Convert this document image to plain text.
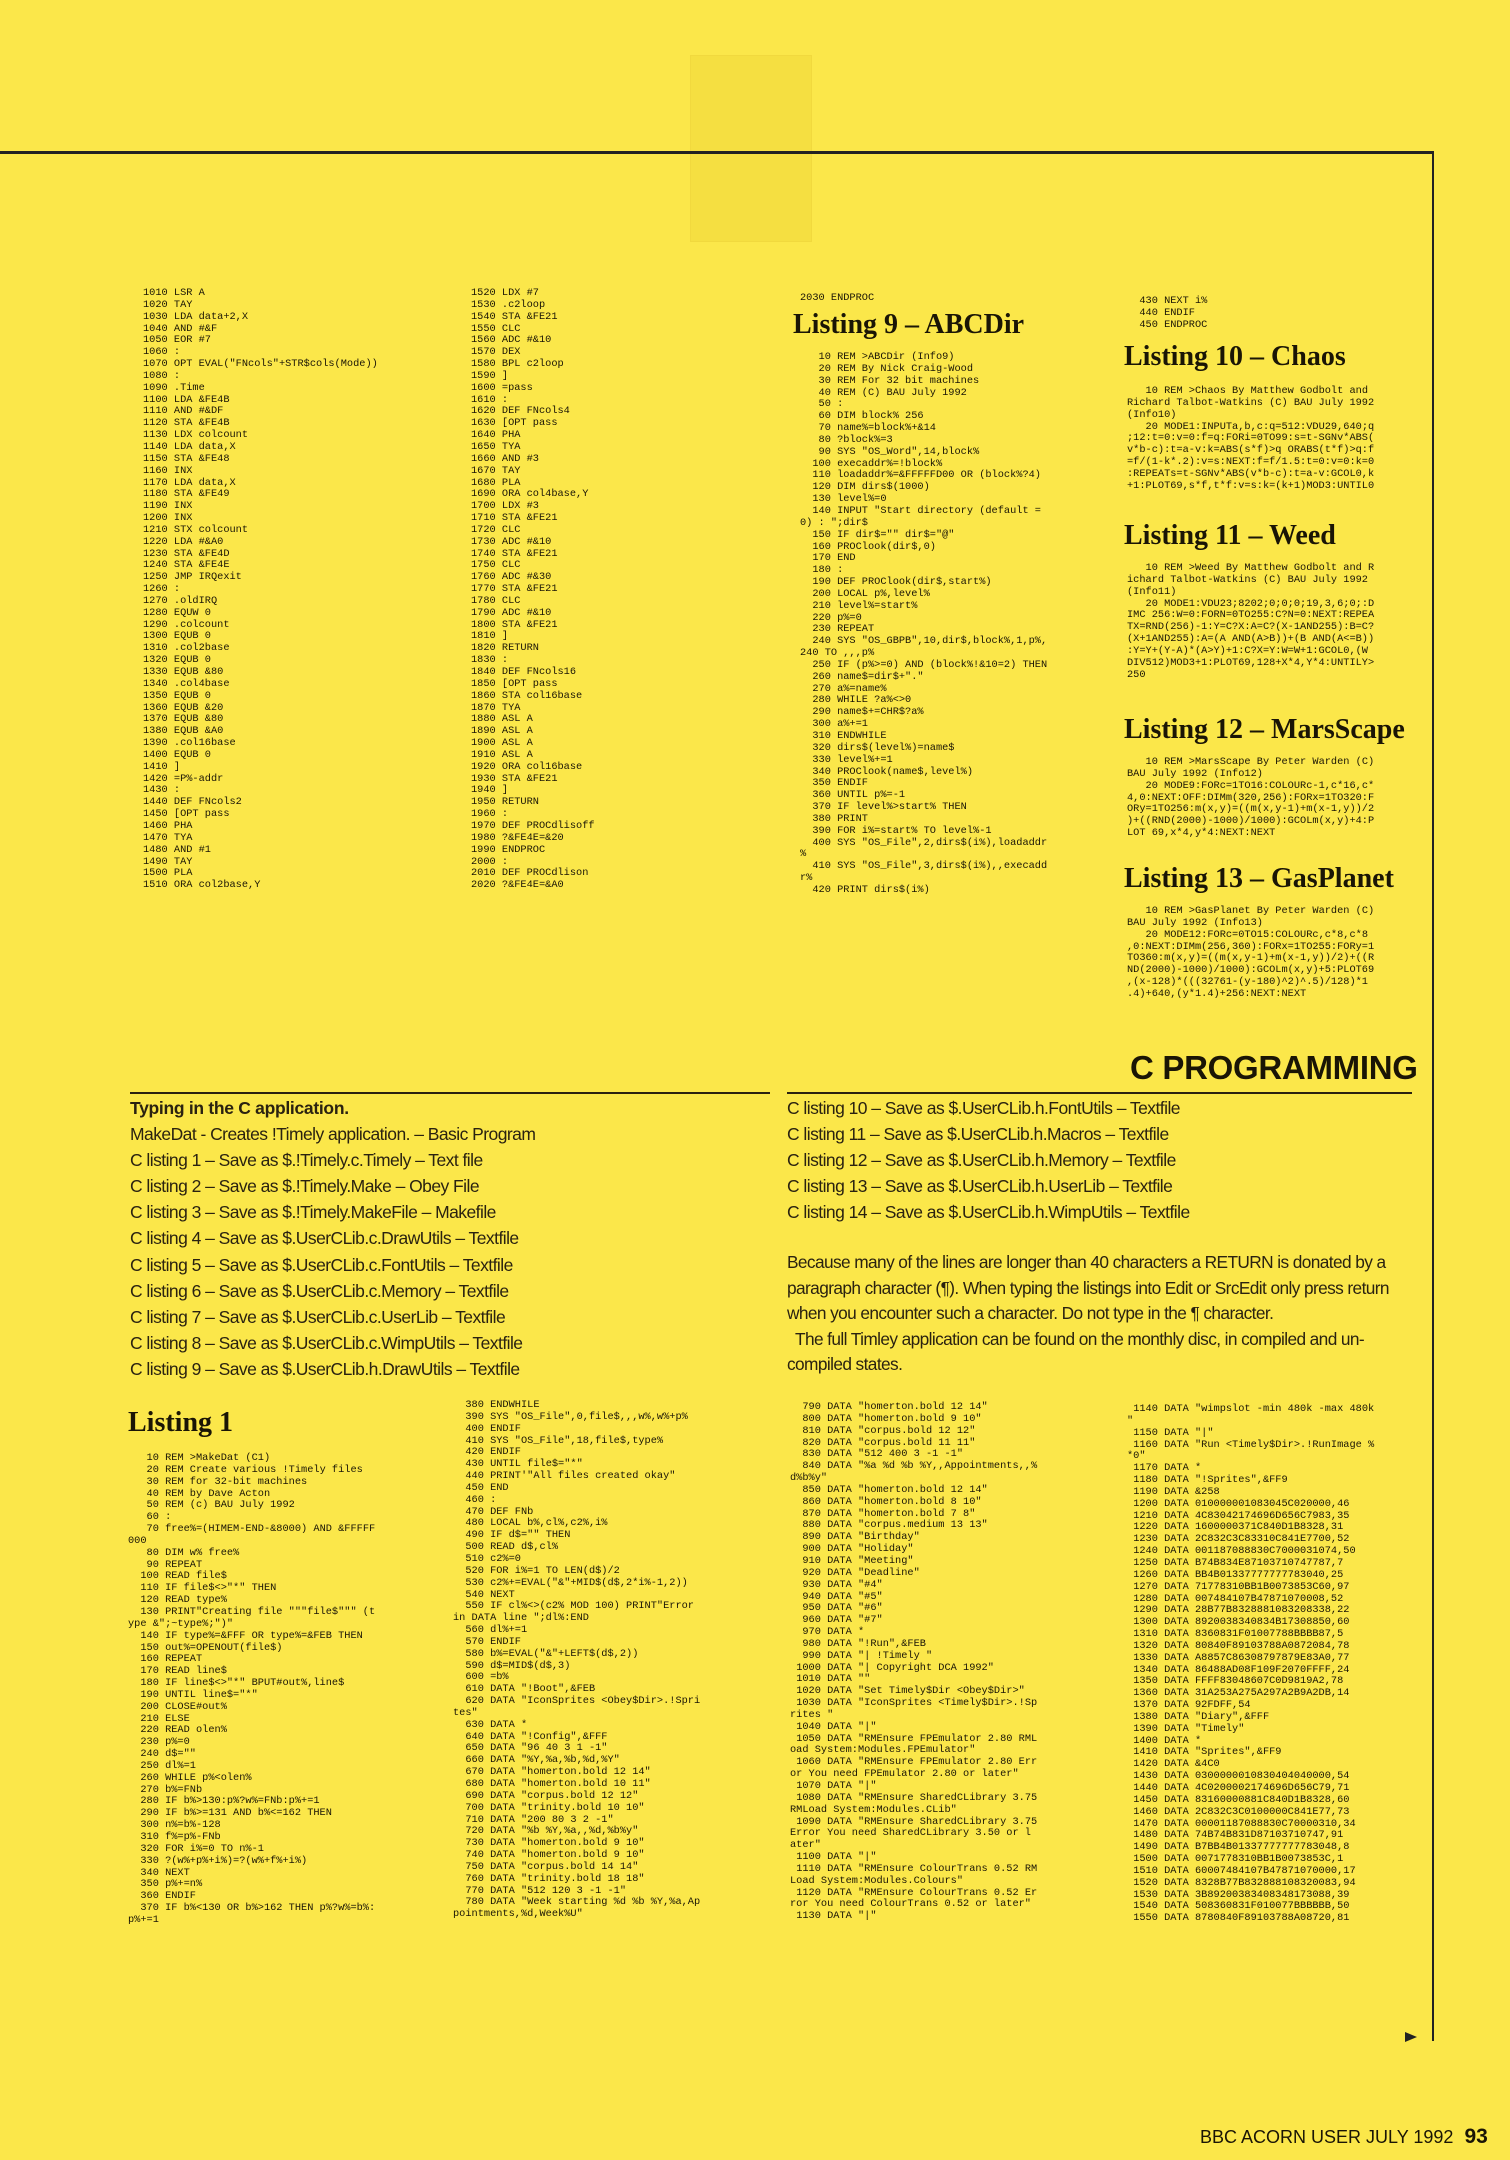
1010 LSR A
1020 TAY
1030 LDA data+2,X
1040 AND #&F
1050 EOR #7
1060 :
1070 OPT EVAL("FNcols"+STR$cols(Mode))
1080 :
1090 .Time
1100 LDA &FE4B
1110 AND #&DF
1120 STA &FE4B
1130 LDX colcount
1140 LDA data,X
1150 STA &FE48
1160 INX
1170 LDA data,X
1180 STA &FE49
1190 INX
1200 INX
1210 STX colcount
1220 LDA #&A0
1230 STA &FE4D
1240 STA &FE4E
1250 JMP IRQexit
1260 :
1270 .oldIRQ
1280 EQUW 0
1290 .colcount
1300 EQUB 0
1310 .col2base
1320 EQUB 0
1330 EQUB &80
1340 .col4base
1350 EQUB 0
1360 EQUB &20
1370 EQUB &80
1380 EQUB &A0
1390 .col16base
1400 EQUB 0
1410 ]
1420 =P%-addr
1430 :
1440 DEF FNcols2
1450 [OPT pass
1460 PHA
1470 TYA
1480 AND #1
1490 TAY
1500 PLA
1510 ORA col2base,Y
1520 LDX #7
1530 .c2loop
1540 STA &FE21
1550 CLC
1560 ADC #&10
1570 DEX
1580 BPL c2loop
1590 ]
1600 =pass
1610 :
1620 DEF FNcols4
1630 [OPT pass
1640 PHA
1650 TYA
1660 AND #3
1670 TAY
1680 PLA
1690 ORA col4base,Y
1700 LDX #3
1710 STA &FE21
1720 CLC
1730 ADC #&10
1740 STA &FE21
1750 CLC
1760 ADC #&30
1770 STA &FE21
1780 CLC
1790 ADC #&10
1800 STA &FE21
1810 ]
1820 RETURN
1830 :
1840 DEF FNcols16
1850 [OPT pass
1860 STA col16base
1870 TYA
1880 ASL A
1890 ASL A
1900 ASL A
1910 ASL A
1920 ORA col16base
1930 STA &FE21
1940 ]
1950 RETURN
1960 :
1970 DEF PROCdlisoff
1980 ?&FE4E=&20
1990 ENDPROC
2000 :
2010 DEF PROCdlison
2020 ?&FE4E=&A0
2030 ENDPROC
Listing 9 – ABCDir
10 REM >ABCDir (Info9)
20 REM By Nick Craig-Wood
30 REM For 32 bit machines
40 REM (C) BAU July 1992
50 :
60 DIM block% 256
70 name%=block%+&14
80 ?block%=3
90 SYS "OS_Word",14,block%
100 execaddr%=!block%
110 loadaddr%=&FFFFFD00 OR (block%?4)
120 DIM dirs$(1000)
130 level%=0
140 INPUT "Start directory (default =
0) : ";dir$
150 IF dir$="" dir$="@"
160 PROClook(dir$,0)
170 END
180 :
190 DEF PROClook(dir$,start%)
200 LOCAL p%,level%
210 level%=start%
220 p%=0
230 REPEAT
240 SYS "OS_GBPB",10,dir$,block%,1,p%,
240 TO ,,,p%
250 IF (p%>=0) AND (block%!&10=2) THEN
260 name$=dir$+"."
270 a%=name%
280 WHILE ?a%<>0
290 name$+=CHR$?a%
300 a%+=1
310 ENDWHILE
320 dirs$(level%)=name$
330 level%+=1
340 PROClook(name$,level%)
350 ENDIF
360 UNTIL p%=-1
370 IF level%>start% THEN
380 PRINT
390 FOR i%=start% TO level%-1
400 SYS "OS_File",2,dirs$(i%),loadaddr
%
410 SYS "OS_File",3,dirs$(i%),,execadd
r%
420 PRINT dirs$(i%)
430 NEXT i%
440 ENDIF
450 ENDPROC
Listing 10 – Chaos
10 REM >Chaos By Matthew Godbolt and
Richard Talbot-Watkins (C) BAU July 1992
(Info10)
20 MODE1:INPUTa,b,c:q=512:VDU29,640;q
;12:t=0:v=0:f=q:FORi=0TO99:s=t-SGNv*ABS(
v*b-c):t=a-v:k=ABS(s*f)>q ORABS(t*f)>q:f
=f/(1-k*.2):v=s:NEXT:f=f/1.5:t=0:v=0:k=0
:REPEATs=t-SGNv*ABS(v*b-c):t=a-v:GCOL0,k
+1:PLOT69,s*f,t*f:v=s:k=(k+1)MOD3:UNTIL0
Listing 11 – Weed
10 REM >Weed By Matthew Godbolt and R
ichard Talbot-Watkins (C) BAU July 1992
(Info11)
20 MODE1:VDU23;8202;0;0;0;19,3,6;0;:D
IMC 256:W=0:FORN=0TO255:C?N=0:NEXT:REPEA
TX=RND(256)-1:Y=C?X:A=C?(X-1AND255):B=C?
(X+1AND255):A=(A AND(A>B))+(B AND(A<=B))
:Y=Y+(Y-A)*(A>Y)+1:C?X=Y:W=W+1:GCOL0,(W
DIV512)MOD3+1:PLOT69,128+X*4,Y*4:UNTILY>
250
Listing 12 – MarsScape
10 REM >MarsScape By Peter Warden (C)
BAU July 1992 (Info12)
20 MODE9:FORc=1TO16:COLOURc-1,c*16,c*
4,0:NEXT:OFF:DIMm(320,256):FORx=1TO320:F
ORy=1TO256:m(x,y)=((m(x,y-1)+m(x-1,y))/2
)+((RND(2000)-1000)/1000):GCOLm(x,y)+4:P
LOT 69,x*4,y*4:NEXT:NEXT
Listing 13 – GasPlanet
10 REM >GasPlanet By Peter Warden (C)
BAU July 1992 (Info13)
20 MODE12:FORc=0TO15:COLOURc,c*8,c*8
,0:NEXT:DIMm(256,360):FORx=1TO255:FORy=1
TO360:m(x,y)=((m(x,y-1)+m(x-1,y))/2)+((R
ND(2000)-1000)/1000):GCOLm(x,y)+5:PLOT69
,(x-128)*(((32761-(y-180)^2)^.5)/128)*1
.4)+640,(y*1.4)+256:NEXT:NEXT
C PROGRAMMING
Typing in the C application.
MakeDat - Creates !Timely application. – Basic Program
C listing 1 – Save as $.!Timely.c.Timely – Text file
C listing 2 – Save as $.!Timely.Make – Obey File
C listing 3 – Save as $.!Timely.MakeFile – Makefile
C listing 4 – Save as $.UserCLib.c.DrawUtils – Textfile
C listing 5 – Save as $.UserCLib.c.FontUtils – Textfile
C listing 6 – Save as $.UserCLib.c.Memory – Textfile
C listing 7 – Save as $.UserCLib.c.UserLib – Textfile
C listing 8 – Save as $.UserCLib.c.WimpUtils – Textfile
C listing 9 – Save as $.UserCLib.h.DrawUtils – Textfile
C listing 10 – Save as $.UserCLib.h.FontUtils – Textfile
C listing 11 – Save as $.UserCLib.h.Macros – Textfile
C listing 12 – Save as $.UserCLib.h.Memory – Textfile
C listing 13 – Save as $.UserCLib.h.UserLib – Textfile
C listing 14 – Save as $.UserCLib.h.WimpUtils – Textfile

Because many of the lines are longer than 40 characters a RETURN is donated by a paragraph character (¶). When typing the listings into Edit or SrcEdit only press return when you encounter such a character. Do not type in the ¶ character.

The full Timley application can be found on the monthly disc, in compiled and un-compiled states.

Listing 1
10 REM >MakeDat (C1)
20 REM Create various !Timely files
30 REM for 32-bit machines
40 REM by Dave Acton
50 REM (c) BAU July 1992
60 :
70 free%=(HIMEM-END-&8000) AND &FFFFF
000
80 DIM w% free%
90 REPEAT
100 READ file$
110 IF file$<>"*" THEN
120 READ type%
130 PRINT"Creating file """file$""" (t
ype &";~type%;")"
140 IF type%=&FFF OR type%=&FEB THEN
150 out%=OPENOUT(file$)
160 REPEAT
170 READ line$
180 IF line$<>"*" BPUT#out%,line$
190 UNTIL line$="*"
200 CLOSE#out%
210 ELSE
220 READ olen%
230 p%=0
240 d$=""
250 dl%=1
260 WHILE p%<olen%
270 b%=FNb
280 IF b%>130:p%?w%=FNb:p%+=1
290 IF b%>=131 AND b%<=162 THEN
300 n%=b%-128
310 f%=p%-FNb
320 FOR i%=0 TO n%-1
330 ?(w%+p%+i%)=?(w%+f%+i%)
340 NEXT
350 p%+=n%
360 ENDIF
370 IF b%<130 OR b%>162 THEN p%?w%=b%:
p%+=1
380 ENDWHILE
390 SYS "OS_File",0,file$,,,w%,w%+p%
400 ENDIF
410 SYS "OS_File",18,file$,type%
420 ENDIF
430 UNTIL file$="*"
440 PRINT'"All files created okay"
450 END
460 :
470 DEF FNb
480 LOCAL b%,cl%,c2%,i%
490 IF d$="" THEN
500 READ d$,cl%
510 c2%=0
520 FOR i%=1 TO LEN(d$)/2
530 c2%+=EVAL("&"+MID$(d$,2*i%-1,2))
540 NEXT
550 IF cl%<>(c2% MOD 100) PRINT"Error
in DATA line ";dl%:END
560 dl%+=1
570 ENDIF
580 b%=EVAL("&"+LEFT$(d$,2))
590 d$=MID$(d$,3)
600 =b%
610 DATA "!Boot",&FEB
620 DATA "IconSprites <Obey$Dir>.!Spri
tes"
630 DATA *
640 DATA "!Config",&FFF
650 DATA "96 40 3 1 -1"
660 DATA "%Y,%a,%b,%d,%Y"
670 DATA "homerton.bold 12 14"
680 DATA "homerton.bold 10 11"
690 DATA "corpus.bold 12 12"
700 DATA "trinity.bold 10 10"
710 DATA "200 80 3 2 -1"
720 DATA "%b %Y,%a,,%d,%b%y"
730 DATA "homerton.bold 9 10"
740 DATA "homerton.bold 9 10"
750 DATA "corpus.bold 14 14"
760 DATA "trinity.bold 18 18"
770 DATA "512 120 3 -1 -1"
780 DATA "Week starting %d %b %Y,%a,Ap
pointments,%d,Week%U"
790 DATA "homerton.bold 12 14"
800 DATA "homerton.bold 9 10"
810 DATA "corpus.bold 12 12"
820 DATA "corpus.bold 11 11"
830 DATA "512 400 3 -1 -1"
840 DATA "%a %d %b %Y,,Appointments,,%
d%b%y"
850 DATA "homerton.bold 12 14"
860 DATA "homerton.bold 8 10"
870 DATA "homerton.bold 7 8"
880 DATA "corpus.medium 13 13"
890 DATA "Birthday"
900 DATA "Holiday"
910 DATA "Meeting"
920 DATA "Deadline"
930 DATA "#4"
940 DATA "#5"
950 DATA "#6"
960 DATA "#7"
970 DATA *
980 DATA "!Run",&FEB
990 DATA "| !Timely "
1000 DATA "| Copyright DCA 1992"
1010 DATA ""
1020 DATA "Set Timely$Dir <Obey$Dir>"
1030 DATA "IconSprites <Timely$Dir>.!Sp
rites "
1040 DATA "|"
1050 DATA "RMEnsure FPEmulator 2.80 RML
oad System:Modules.FPEmulator"
1060 DATA "RMEnsure FPEmulator 2.80 Err
or You need FPEmulator 2.80 or later"
1070 DATA "|"
1080 DATA "RMEnsure SharedCLibrary 3.75
RMLoad System:Modules.CLib"
1090 DATA "RMEnsure SharedCLibrary 3.75
Error You need SharedCLibrary 3.50 or l
ater"
1100 DATA "|"
1110 DATA "RMEnsure ColourTrans 0.52 RM
Load System:Modules.Colours"
1120 DATA "RMEnsure ColourTrans 0.52 Er
ror You need ColourTrans 0.52 or later"
1130 DATA "|"
1140 DATA "wimpslot -min 480k -max 480k
"
1150 DATA "|"
1160 DATA "Run <Timely$Dir>.!RunImage %
*0"
1170 DATA *
1180 DATA "!Sprites",&FF9
1190 DATA &258
1200 DATA 010000001083045C020000,46
1210 DATA 4C83042174696D656C7983,35
1220 DATA 1600000371C840D1B8328,31
1230 DATA 2C832C3C83310C841E7700,52
1240 DATA 001187088830C7000031074,50
1250 DATA B74B834E87103710747787,7
1260 DATA BB4B01337777777783040,25
1270 DATA 71778310BB1B0073853C60,97
1280 DATA 007484107B47871070008,52
1290 DATA 28B77B8328881083208338,22
1300 DATA 8920038340834B17308850,60
1310 DATA 8360831F01007788BBBB87,5
1320 DATA 80840F89103788A0872084,78
1330 DATA A8857C86308797879E83A0,77
1340 DATA 86488AD08F109F2070FFFF,24
1350 DATA FFFF83048607C0D9819A2,78
1360 DATA 31A253A275A297A2B9A2DB,14
1370 DATA 92FDFF,54
1380 DATA "Diary",&FFF
1390 DATA "Timely"
1400 DATA *
1410 DATA "Sprites",&FF9
1420 DATA &4C0
1430 DATA 0300000010830404040000,54
1440 DATA 4C0200002174696D656C79,71
1450 DATA 83160000881C840D1B8328,60
1460 DATA 2C832C3C0100000C841E77,73
1470 DATA 00001187088830C70000310,34
1480 DATA 74B74B831D87103710747,91
1490 DATA B7BB4B01337777777783048,8
1500 DATA 0071778310BB1B0073853C,1
1510 DATA 60007484107B47871070000,17
1520 DATA 8328B77B832888108320083,94
1530 DATA 3B89200383408348173088,39
1540 DATA 508360831F010077BBBBBB,50
1550 DATA 8780840F89103788A08720,81
BBC ACORN USER JULY 1992 93
